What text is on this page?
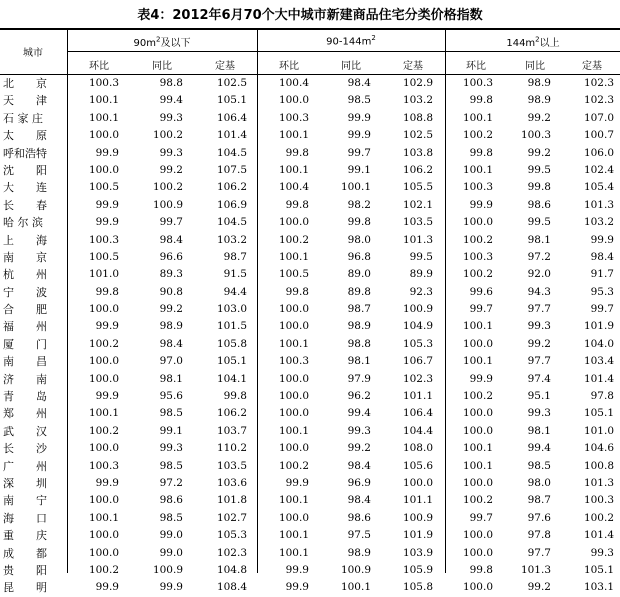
表4：2012年6月70个大中城市新建商品住宅分类价格指数
城市
$90m^2$及以下	$90-144m^2$	$144m^2$以上
环比	同比	定基	环比	同比	定基	环比	同比	定基
北　　京	100.3	98.8	102.5	100.4	98.4	102.9	100.3	98.9	102.3
天　　津	100.1	99.4	105.1	100.0	98.5	103.2	99.8	98.9	102.3
石 家 庄	100.1	99.3	106.4	100.3	99.9	108.8	100.1	99.2	107.0
太　　原	100.0	100.2	101.4	100.1	99.9	102.5	100.2	100.3	100.7
呼和浩特	99.9	99.3	104.5	99.8	99.7	103.8	99.8	99.2	106.0
沈　　阳	100.0	99.2	107.5	100.1	99.1	106.2	100.1	99.5	102.4
大　　连	100.5	100.2	106.2	100.4	100.1	105.5	100.3	99.8	105.4
长　　春	99.9	100.9	106.9	99.8	98.2	102.1	99.9	98.6	101.3
哈 尔 滨	99.9	99.7	104.5	100.0	99.8	103.5	100.0	99.5	103.2
上　　海	100.3	98.4	103.2	100.2	98.0	101.3	100.2	98.1	99.9
南　　京	100.5	96.6	98.7	100.1	96.8	99.5	100.3	97.2	98.4
杭　　州	101.0	89.3	91.5	100.5	89.0	89.9	100.2	92.0	91.7
宁　　波	99.8	90.8	94.4	99.8	89.8	92.3	99.6	94.3	95.3
合　　肥	100.0	99.2	103.0	100.0	98.7	100.9	99.7	97.7	99.7
福　　州	99.9	98.9	101.5	100.0	98.9	104.9	100.1	99.3	101.9
厦　　门	100.2	98.4	105.8	100.1	98.8	105.3	100.0	99.2	104.0
南　　昌	100.0	97.0	105.1	100.3	98.1	106.7	100.1	97.7	103.4
济　　南	100.0	98.1	104.1	100.0	97.9	102.3	99.9	97.4	101.4
青　　岛	99.9	95.6	99.8	100.0	96.2	101.1	100.2	95.1	97.8
郑　　州	100.1	98.5	106.2	100.0	99.4	106.4	100.0	99.3	105.1
武　　汉	100.2	99.1	103.7	100.1	99.3	104.4	100.0	98.1	101.0
长　　沙	100.0	99.3	110.2	100.0	99.2	108.0	100.1	99.4	104.6
广　　州	100.3	98.5	103.5	100.2	98.4	105.6	100.1	98.5	100.8
深　　圳	99.9	97.2	103.6	99.9	96.9	100.0	100.0	98.0	101.3
南　　宁	100.0	98.6	101.8	100.1	98.4	101.1	100.2	98.7	100.3
海　　口	100.1	98.5	102.7	100.0	98.6	100.9	99.7	97.6	100.2
重　　庆	100.0	99.0	105.3	100.1	97.5	101.9	100.0	97.8	101.4
成　　都	100.0	99.0	102.3	100.1	98.9	103.9	100.0	97.7	99.3
贵　　阳	100.2	100.9	104.8	99.9	100.9	105.9	99.8	101.3	105.1
昆　　明	99.9	99.9	108.4	99.9	100.1	105.8	100.0	99.2	103.1
